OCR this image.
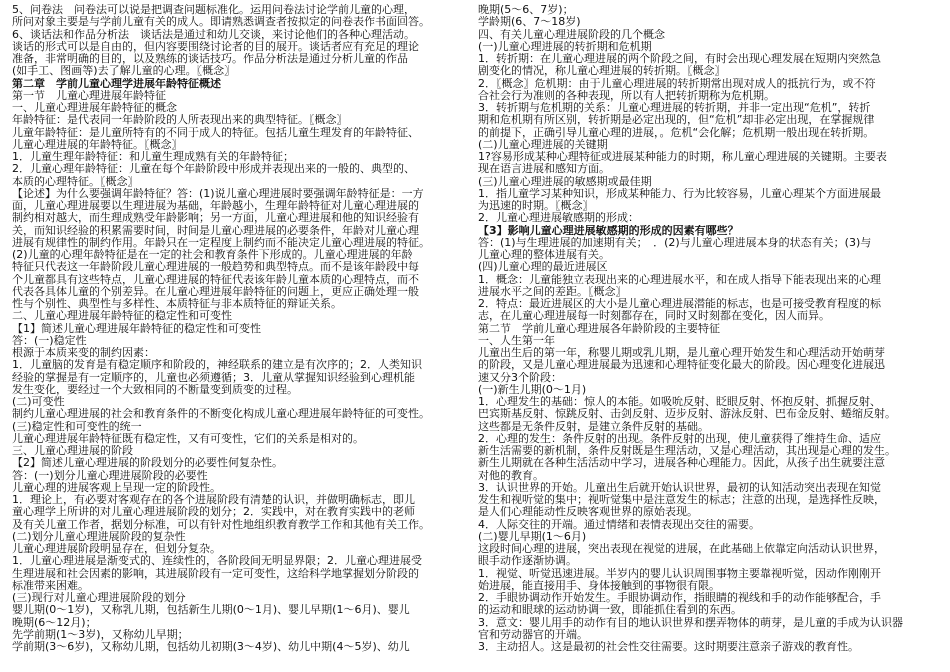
5、问卷法　问卷法可以说是把调查问题标准化。运用问卷法讨论学前儿童的心理，
所问对象主要是与学前儿童有关的成人。即请熟悉调查者按拟定的问卷表作书面回答。
6、谈话法和作品分析法　谈话法是通过和幼儿交谈，来讨论他们的各种心理活动。
谈话的形式可以是自由的，但内容要围绕讨论者的目的展开。谈话者应有充足的理论
准备，非常明确的目的，以及熟练的谈话技巧。作品分析法是通过分析儿童的作品
(如手工、图画等)去了解儿童的心理。〖概念〗
第二章　学前儿童心理学进展年龄特征概述
第一节　儿童心理进展年龄特征
一、儿童心理进展年龄特征的概念
年龄特征：是代表同一年龄阶段的人所表现出来的典型特征。〖概念〗
儿童年龄特征：是儿童所特有的不同于成人的特征。包括儿童生理发育的年龄特征、
儿童心理进展的年龄特征。〖概念〗
1．儿童生理年龄特征：和儿童生理成熟有关的年龄特征；
2．儿童心理年龄特征：儿童在每个年龄阶段中形成并表现出来的一般的、典型的、
本质的心理特征。〖概念〗
【论述】为什么要强调年龄特征？答：(1)说儿童心理进展时要强调年龄特征是：一方
面，儿童心理进展要以生理进展为基础，年龄越小，生理年龄特征对儿童心理进展的
制约相对越大，而生理成熟受年龄影响；另一方面，儿童心理进展和他的知识经验有
关，而知识经验的积累需要时间，时间是儿童心理进展的必要条件，年龄对儿童心理
进展有规律性的制约作用。年龄只在一定程度上制约而不能决定儿童心理进展的特征。
(2)儿童的心理年龄特征是在一定的社会和教育条件下形成的。儿童心理进展的年龄
特征只代表这一年龄阶段儿童心理进展的一般趋势和典型特点。而不是该年龄段中每
个儿童都具有这些特点，儿童心理进展的特征代表该年龄儿童本质的心理特点，而不
代表各具体儿童的个别差异。在儿童心理进展年龄特征的问题上，更应正确处理一般
性与个别性、典型性与多样性、本质特征与非本质特征的辩证关系。
二、儿童心理进展年龄特征的稳定性和可变性
【1】简述儿童心理进展年龄特征的稳定性和可变性
答：(一)稳定性
根源于本质来变的制约因素：
1．儿童脑的发育是有稳定顺序和阶段的，神经联系的建立是有次序的；2．人类知识
经验的掌握是有一定顺序的，儿童也必须遵循；3．儿童从掌握知识经验到心理机能
发生变化，要经过一个大致相同的不断量变到质变的过程。
(二)可变性
制约儿童心理进展的社会和教育条件的不断变化构成儿童心理进展年龄特征的可变性。
(三)稳定性和可变性的统一
儿童心理进展年龄特征既有稳定性，又有可变性，它们的关系是相对的。
三、儿童心理进展的阶段
【2】简述儿童心理进展的阶段划分的必要性何复杂性。
答：(一)划分儿童心理进展阶段的必要性
儿童心理的进展客观上呈现一定的阶段性。
1．理论上，有必要对客观存在的各个进展阶段有清楚的认识，并做明确标志，即儿
童心理学上所讲的对儿童心理进展阶段的划分；2．实践中，对在教育实践中的老师
及有关儿童工作者，据划分标准，可以有针对性地组织教育教学工作和其他有关工作。
(二)划分儿童心理进展阶段的复杂性
儿童心理进展阶段明显存在，但划分复杂。
1．儿童心理进展是渐变式的、连续性的，各阶段间无明显界限；2．儿童心理进展受
生理进展和社会因素的影响，其进展阶段有一定可变性，这给科学地掌握划分阶段的
标准带来困难。
(三)现行对儿童心理进展阶段的划分
婴儿期(0～1岁)，又称乳儿期，包括新生儿期(0～1月)、婴儿早期(1～6月)、婴儿
晚期(6～12月)；
先学前期(1～3岁)，又称幼儿早期；
学前期(3～6岁)，又称幼儿期，包括幼儿初期(3～4岁)、幼儿中期(4～5岁)、幼儿
晚期(5～6、7岁)；
学龄期(6、7～18岁)
四、有关儿童心理进展阶段的几个概念
(一)儿童心理进展的转折期和危机期
1．转折期：在儿童心理进展的两个阶段之间，有时会出现心理发展在短期内突然急
剧变化的情况，称儿童心理进展的转折期。〖概念〗
2．〖概念〗危机期：由于儿童心理进展的转折期常出现对成人的抵抗行为，或不符
合社会行为准则的各种表现，所以有人把转折期称为危机期。
3．转折期与危机期的关系：儿童心理进展的转折期，并非一定出现“危机”，转折
期和危机期有所区别，转折期是必定出现的，但“危机”却非必定出现，在掌握规律
的前提下，正确引导儿童心理的进展，。危机“会化解；危机期一般出现在转折期。
(二)儿童心理进展的关键期
1?容易形成某种心理特征或进展某种能力的时期，称儿童心理进展的关键期。主要表
现在语言进展和感知方面。
(三)儿童心理进展的敏感期或最佳期
1．指儿童学习某种知识，形成某种能力、行为比较容易，儿童心理某个方面进展最
为迅速的时期。〖概念〗
2．儿童心理进展敏感期的形成：
【3】影响儿童心理进展敏感期的形成的因素有哪些？
答：(1)与生理进展的加速期有关；　．(2)与儿童心理进展本身的状态有关；(3)与
儿童心理的整体进展有关。
(四)儿童心理的最近进展区
1．概念：儿童能独立表现出来的心理进展水平，和在成人指导下能表现出来的心理
进展水平之间的差距。〖概念〗
2．特点：最近进展区的大小是儿童心理进展潜能的标志，也是可接受教育程度的标
志，在儿童心理进展每一时刻都存在，同时又时刻都在变化，因人而异。
第二节　学前儿童心理进展各年龄阶段的主要特征
一、人生第一年
儿童出生后的第一年，称婴儿期或乳儿期，是儿童心理开始发生和心理活动开始萌芽
的阶段，又是儿童心理进展最为迅速和心理特征变化最大的阶段。因心理变化进展迅
速又分3个阶段：
(一)新生儿期(0～1月)
1．心理发生的基础：惊人的本能。如吸吮反射、眨眼反射、怀抱反射、抓握反射、
巴宾斯基反射、惊跳反射、击剑反射、迈步反射、游泳反射、巴布金反射、蜷缩反射。
这些都是无条件反射，是建立条件反射的基础。
2．心理的发生：条件反射的出现。条件反射的出现，使儿童获得了维持生命、适应
新生活需要的新机制，条件反射既是生理活动，又是心理活动，其出现是心理的发生。
新生儿期就在各种生活活动中学习，进展各种心理能力。因此，从孩子出生就要注意
对他的教育。
3．认识世界的开始。儿童出生后就开始认识世界，最初的认知活动突出表现在知觉
发生和视听觉的集中；视听觉集中是注意发生的标志；注意的出现，是选择性反映，
是人们心理能动性反映客观世界的原始表现。
4．人际交往的开端。通过情绪和表情表现出交往的需要。
(二)婴儿早期(1～6月)
这段时间心理的进展，突出表现在视觉的进展，在此基础上依靠定向活动认识世界，
眼手动作逐渐协调。
1．视觉、听觉迅速进展。半岁内的婴儿认识周围事物主要靠视听觉，因动作刚刚开
始进展，能直接用手、身体接触到的事物很有限。
2．手眼协调动作开始发生。手眼协调动作，指眼睛的视线和手的动作能够配合，手
的运动和眼球的运动协调一致，即能抓住看到的东西。
3．意文：婴儿用手的动作有目的地认识世界和摆弄物体的萌芽，是儿童的手成为认识器
官和劳动器官的开端。
3．主动招人。这是最初的社会性交往需要。这时期要注意亲子游戏的教育性。
